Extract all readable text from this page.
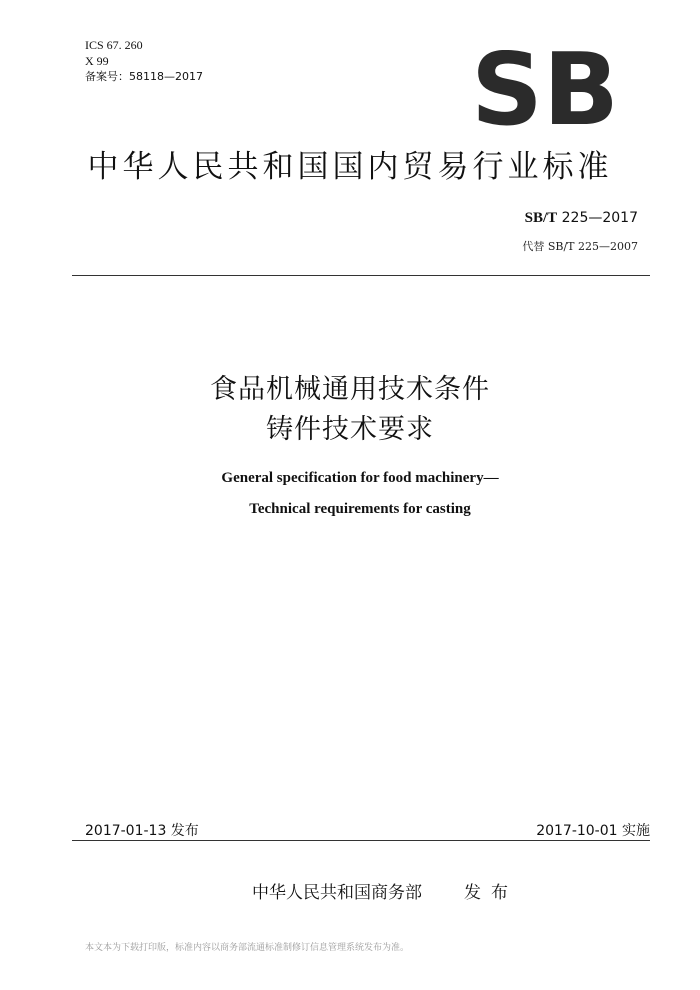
ICS 67. 260
X 99
备案号：58118—2017	SB
中华人民共和国国内贸易行业标准
SB/T 225—2017
代替 SB/T 225—2007
食品机械通用技术条件
铸件技术要求
General specification for food machinery—
Technical requirements for casting
2017-01-13 发布	2017-10-01 实施
中华人民共和国商务部 发布
本文本为下载打印版，标准内容以商务部流通标准制修订信息管理系统发布为准。
